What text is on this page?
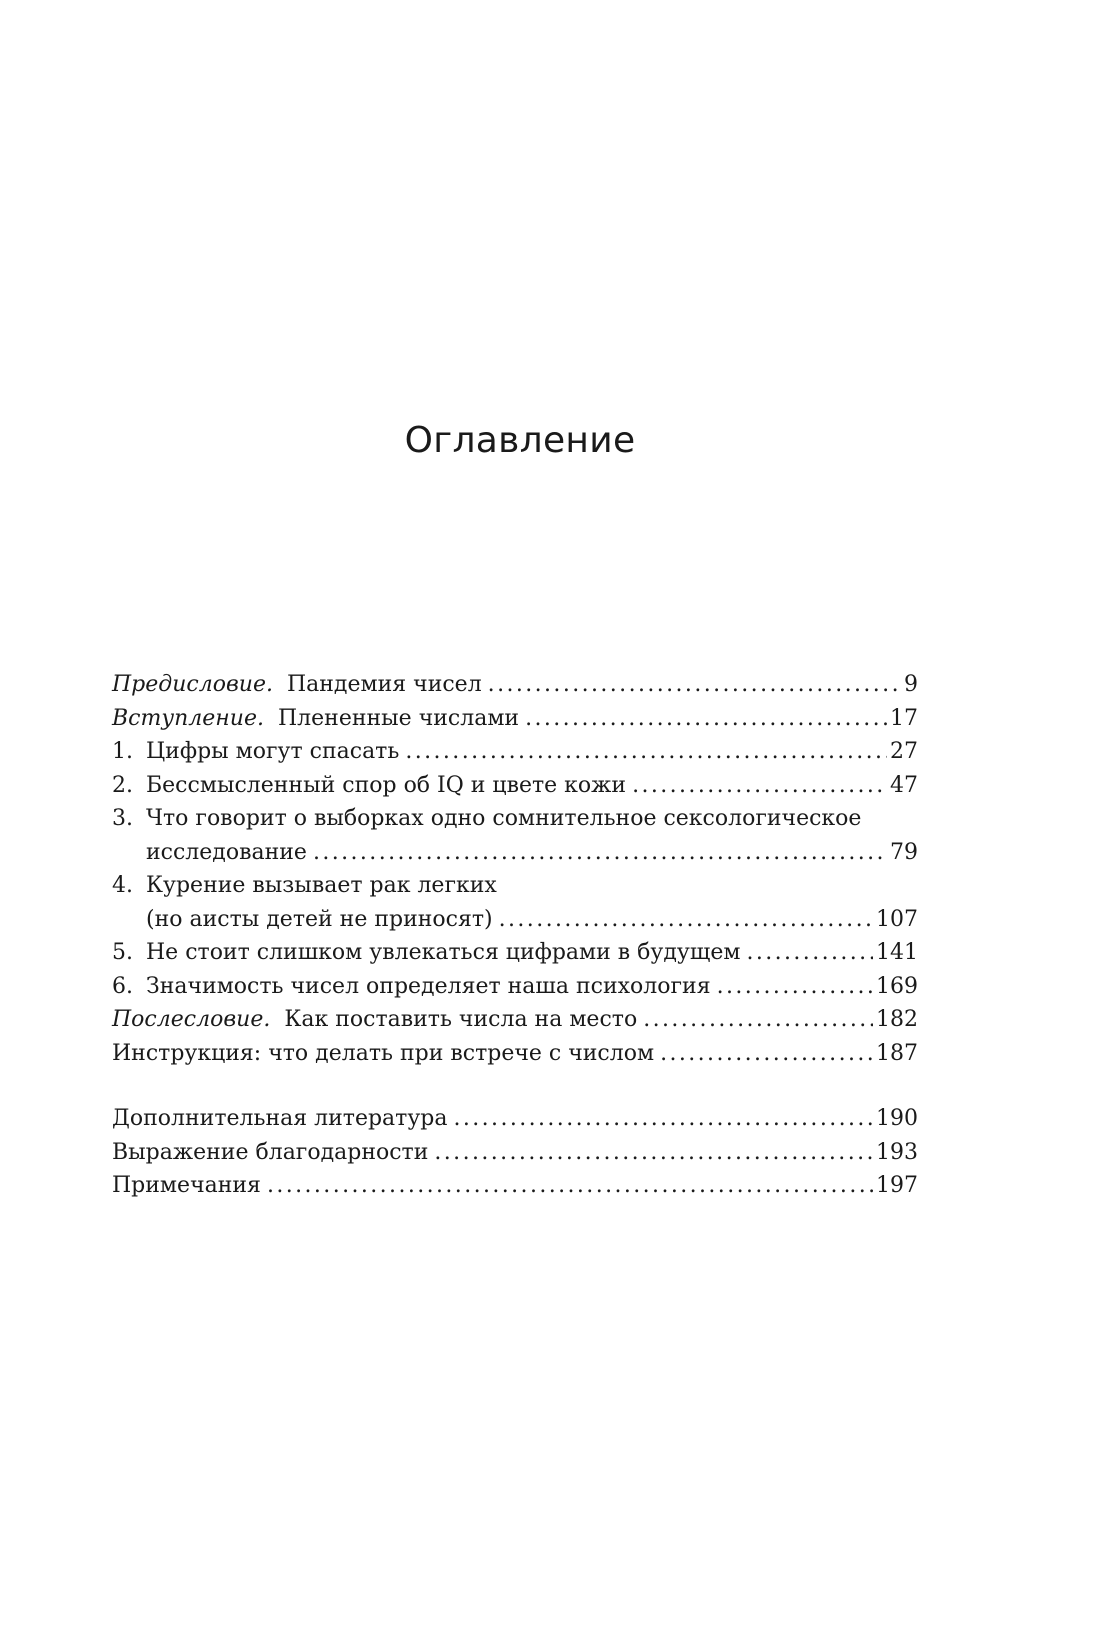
Оглавление
Предисловие. Пандемия чисел .....	9
Вступление. Плененные числами .....	17
1. Цифры могут спасать .....	27
2. Бессмысленный спор об IQ и цвете кожи .....	47
3. Что говорит о выборках одно сомнительное сексологическое
исследование .....	79
4. Курение вызывает рак легких
(но аисты детей не приносят) .....	107
5. Не стоит слишком увлекаться цифрами в будущем .....	141
6. Значимость чисел определяет наша психология .....	169
Послесловие. Как поставить числа на место .....	182
Инструкция: что делать при встрече с числом .....	187
Дополнительная литература .....	190
Выражение благодарности .....	193
Примечания .....	197
